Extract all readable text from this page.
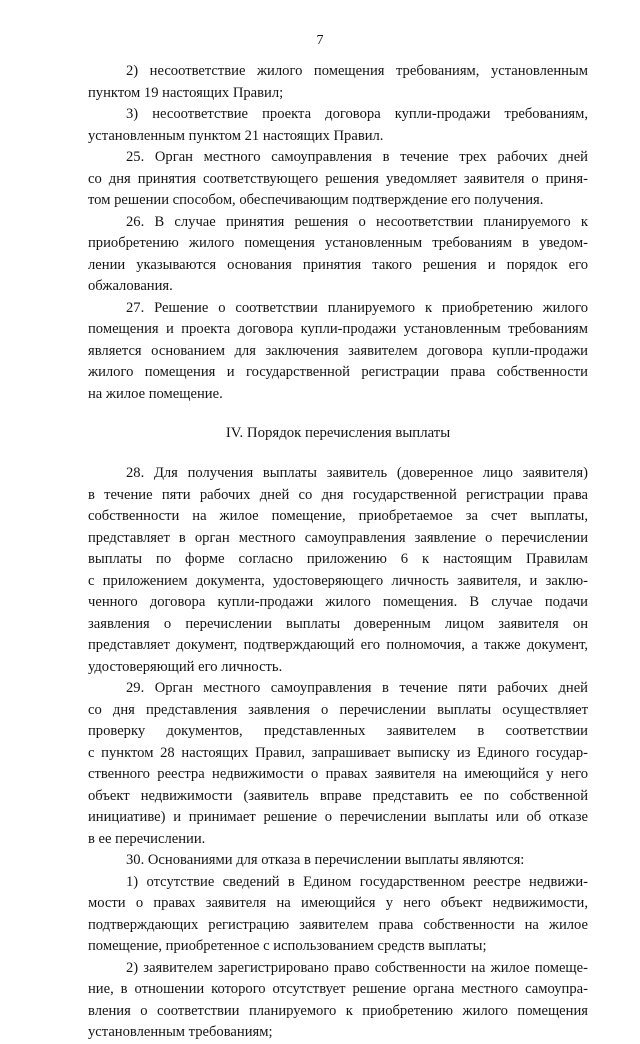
7
2) несоответствие жилого помещения требованиям, установленным
пунктом 19 настоящих Правил;
3) несоответствие проекта договора купли-продажи требованиям,
установленным пунктом 21 настоящих Правил.
25. Орган местного самоуправления в течение трех рабочих дней
со дня принятия соответствующего решения уведомляет заявителя о приня-
том решении способом, обеспечивающим подтверждение его получения.
26. В случае принятия решения о несоответствии планируемого к
приобретению жилого помещения установленным требованиям в уведом-
лении указываются основания принятия такого решения и порядок его
обжалования.
27. Решение о соответствии планируемого к приобретению жилого
помещения и проекта договора купли-продажи установленным требованиям
является основанием для заключения заявителем договора купли-продажи
жилого помещения и государственной регистрации права собственности
на жилое помещение.
IV. Порядок перечисления выплаты
28. Для получения выплаты заявитель (доверенное лицо заявителя)
в течение пяти рабочих дней со дня государственной регистрации права
собственности на жилое помещение, приобретаемое за счет выплаты,
представляет в орган местного самоуправления заявление о перечислении
выплаты по форме согласно приложению 6 к настоящим Правилам
с приложением документа, удостоверяющего личность заявителя, и заклю-
ченного договора купли-продажи жилого помещения. В случае подачи
заявления о перечислении выплаты доверенным лицом заявителя он
представляет документ, подтверждающий его полномочия, а также документ,
удостоверяющий его личность.
29. Орган местного самоуправления в течение пяти рабочих дней
со дня представления заявления о перечислении выплаты осуществляет
проверку документов, представленных заявителем в соответствии
с пунктом 28 настоящих Правил, запрашивает выписку из Единого государ-
ственного реестра недвижимости о правах заявителя на имеющийся у него
объект недвижимости (заявитель вправе представить ее по собственной
инициативе) и принимает решение о перечислении выплаты или об отказе
в ее перечислении.
30. Основаниями для отказа в перечислении выплаты являются:
1) отсутствие сведений в Едином государственном реестре недвижи-
мости о правах заявителя на имеющийся у него объект недвижимости,
подтверждающих регистрацию заявителем права собственности на жилое
помещение, приобретенное с использованием средств выплаты;
2) заявителем зарегистрировано право собственности на жилое помеще-
ние, в отношении которого отсутствует решение органа местного самоупра-
вления о соответствии планируемого к приобретению жилого помещения
установленным требованиям;
